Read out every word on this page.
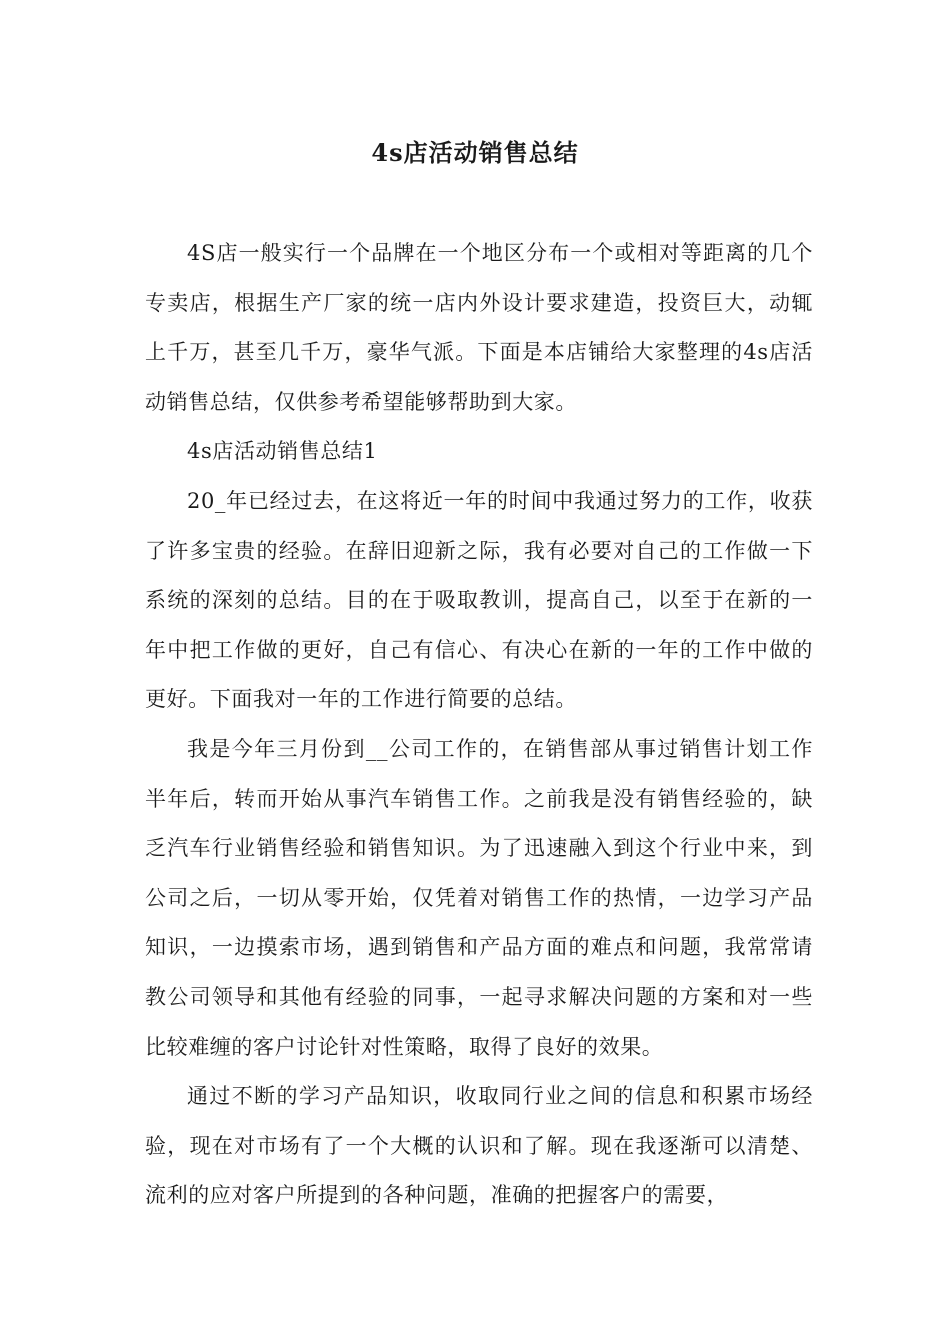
4s店活动销售总结

4S店一般实行一个品牌在一个地区分布一个或相对等距离的几个专卖店，根据生产厂家的统一店内外设计要求建造，投资巨大，动辄上千万，甚至几千万，豪华气派。下面是本店铺给大家整理的4s店活动销售总结，仅供参考希望能够帮助到大家。

4s店活动销售总结1

20_年已经过去，在这将近一年的时间中我通过努力的工作，收获了许多宝贵的经验。在辞旧迎新之际，我有必要对自己的工作做一下系统的深刻的总结。目的在于吸取教训，提高自己，以至于在新的一年中把工作做的更好，自己有信心、有决心在新的一年的工作中做的更好。下面我对一年的工作进行简要的总结。

我是今年三月份到__公司工作的，在销售部从事过销售计划工作半年后，转而开始从事汽车销售工作。之前我是没有销售经验的，缺乏汽车行业销售经验和销售知识。为了迅速融入到这个行业中来，到公司之后，一切从零开始，仅凭着对销售工作的热情，一边学习产品知识，一边摸索市场，遇到销售和产品方面的难点和问题，我常常请教公司领导和其他有经验的同事，一起寻求解决问题的方案和对一些比较难缠的客户讨论针对性策略，取得了良好的效果。

通过不断的学习产品知识，收取同行业之间的信息和积累市场经验，现在对市场有了一个大概的认识和了解。现在我逐渐可以清楚、流利的应对客户所提到的各种问题，准确的把握客户的需要，
